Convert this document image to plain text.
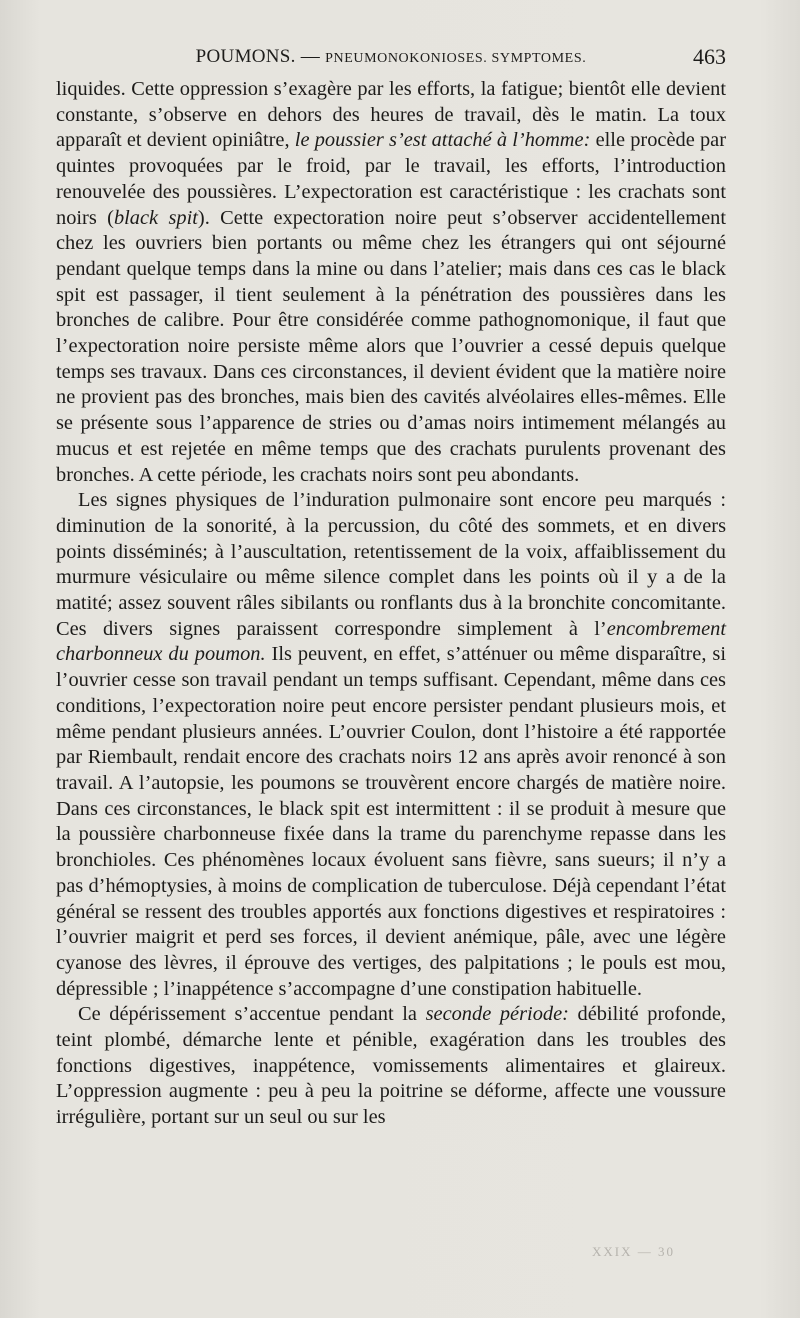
POUMONS. — PNEUMONOKONIOSES. SYMPTOMES.	463

liquides. Cette oppression s’exagère par les efforts, la fatigue; bientôt elle devient constante, s’observe en dehors des heures de travail, dès le matin. La toux apparaît et devient opiniâtre, le poussier s’est attaché à l’homme: elle procède par quintes provoquées par le froid, par le travail, les efforts, l’introduction renouvelée des poussières. L’expectoration est caractéristique : les crachats sont noirs (black spit). Cette expectoration noire peut s’observer accidentellement chez les ouvriers bien portants ou même chez les étrangers qui ont séjourné pendant quelque temps dans la mine ou dans l’atelier; mais dans ces cas le black spit est passager, il tient seulement à la pénétration des poussières dans les bronches de calibre. Pour être considérée comme pathognomonique, il faut que l’expectoration noire persiste même alors que l’ouvrier a cessé depuis quelque temps ses travaux. Dans ces circonstances, il devient évident que la matière noire ne provient pas des bronches, mais bien des cavités alvéolaires elles-mêmes. Elle se présente sous l’apparence de stries ou d’amas noirs intimement mélangés au mucus et est rejetée en même temps que des crachats purulents provenant des bronches. A cette période, les crachats noirs sont peu abondants.

Les signes physiques de l’induration pulmonaire sont encore peu marqués : diminution de la sonorité, à la percussion, du côté des sommets, et en divers points disséminés; à l’auscultation, retentissement de la voix, affaiblissement du murmure vésiculaire ou même silence complet dans les points où il y a de la matité; assez souvent râles sibilants ou ronflants dus à la bronchite concomitante. Ces divers signes paraissent correspondre simplement à l’encombrement charbonneux du poumon. Ils peuvent, en effet, s’atténuer ou même disparaître, si l’ouvrier cesse son travail pendant un temps suffisant. Cependant, même dans ces conditions, l’expectoration noire peut encore persister pendant plusieurs mois, et même pendant plusieurs années. L’ouvrier Coulon, dont l’histoire a été rapportée par Riembault, rendait encore des crachats noirs 12 ans après avoir renoncé à son travail. A l’autopsie, les poumons se trouvèrent encore chargés de matière noire. Dans ces circonstances, le black spit est intermittent : il se produit à mesure que la poussière charbonneuse fixée dans la trame du parenchyme repasse dans les bronchioles. Ces phénomènes locaux évoluent sans fièvre, sans sueurs; il n’y a pas d’hémoptysies, à moins de complication de tuberculose. Déjà cependant l’état général se ressent des troubles apportés aux fonctions digestives et respiratoires : l’ouvrier maigrit et perd ses forces, il devient anémique, pâle, avec une légère cyanose des lèvres, il éprouve des vertiges, des palpitations ; le pouls est mou, dépressible ; l’inappétence s’accompagne d’une constipation habituelle.

Ce dépérissement s’accentue pendant la seconde période: débilité profonde, teint plombé, démarche lente et pénible, exagération dans les troubles des fonctions digestives, inappétence, vomissements alimentaires et glaireux. L’oppression augmente : peu à peu la poitrine se déforme, affecte une voussure irrégulière, portant sur un seul ou sur les

XXIX — 30
